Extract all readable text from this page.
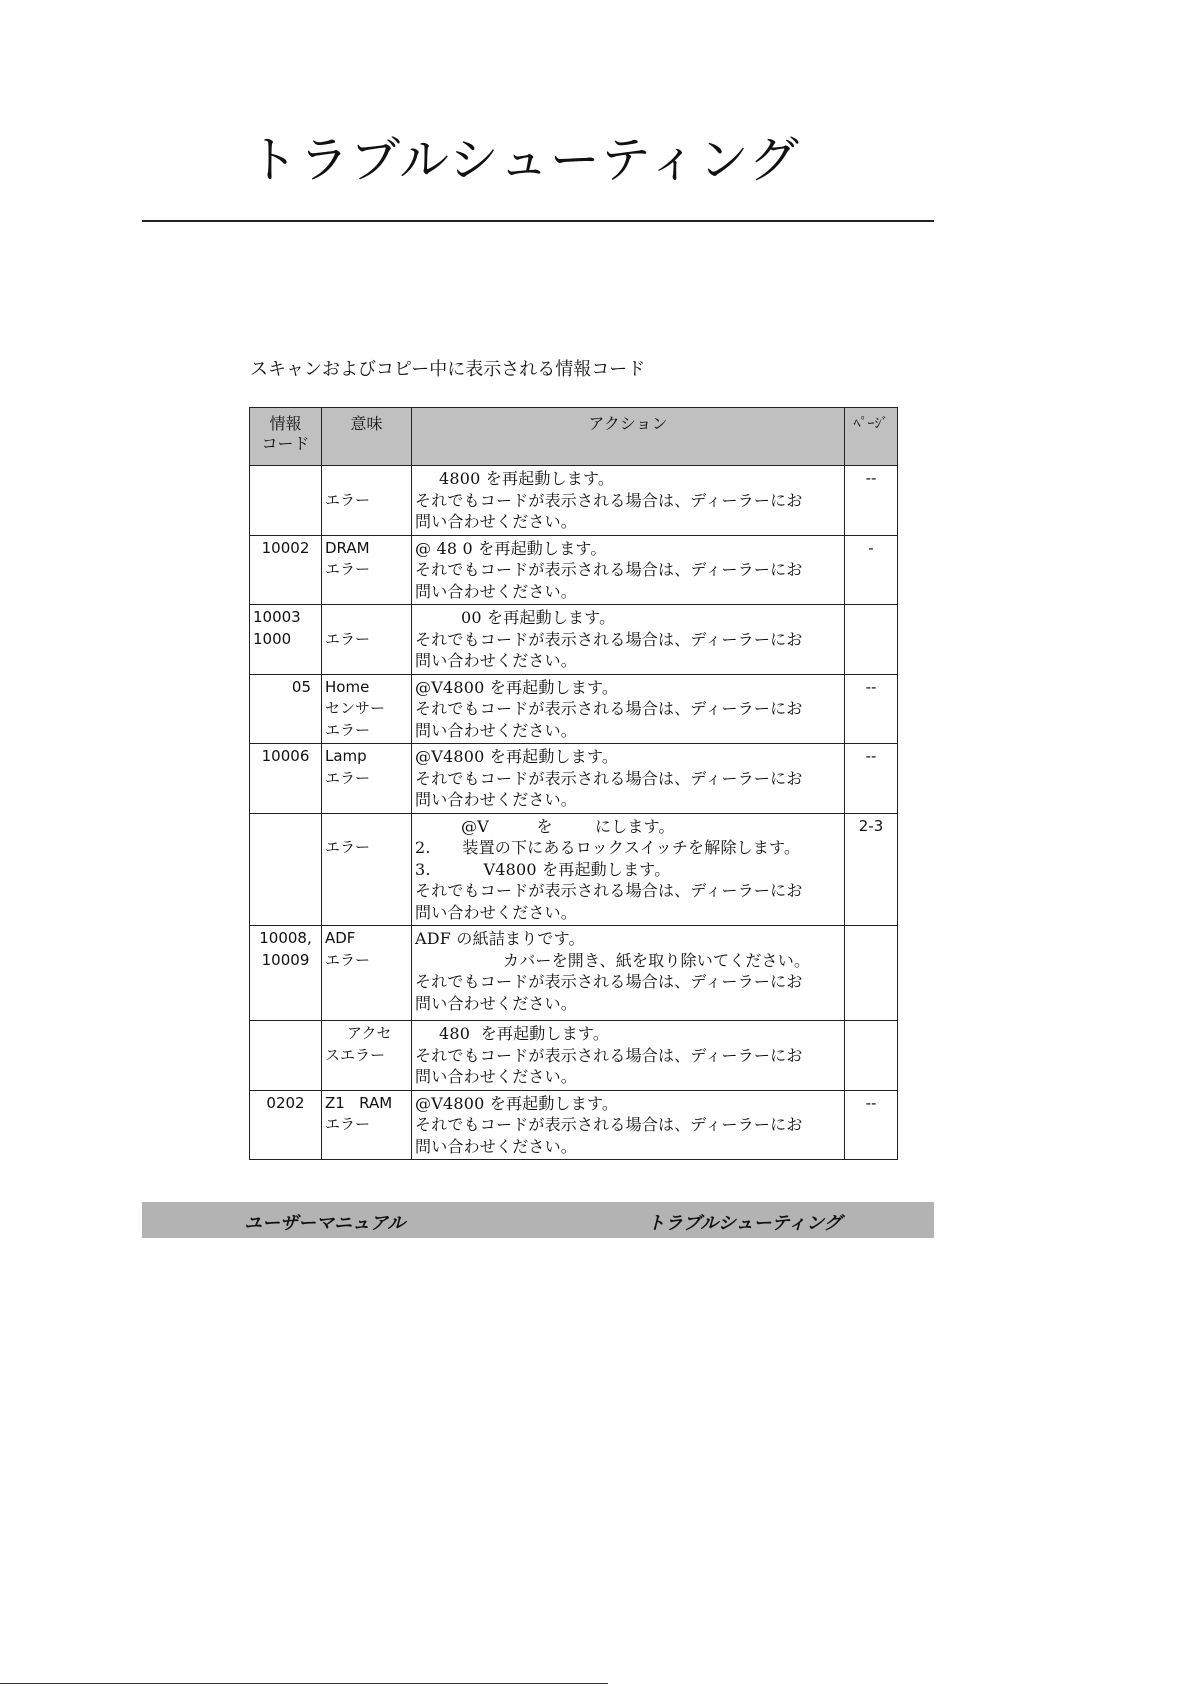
トラブルシューティング
スキャンおよびコピー中に表示される情報コード
情報
コード	意味	アクション	ﾍﾟｰｼﾞ

	エラー	4800 を再起動します。
それでもコードが表示される場合は、ディーラーにお
問い合わせください。	--

10002	DRAM
エラー	@ 48 0 を再起動します。
それでもコードが表示される場合は、ディーラーにお
問い合わせください。	-

10003
1000	エラー	00 を再起動します。
それでもコードが表示される場合は、ディーラーにお
問い合わせください。	

05	Home
センサー
エラー	@V4800 を再起動します。
それでもコードが表示される場合は、ディーラーにお
問い合わせください。	--

10006	Lamp
エラー	@V4800 を再起動します。
それでもコードが表示される場合は、ディーラーにお
問い合わせください。	--

	エラー	@V         を        にします。
2.      装置の下にあるロックスイッチを解除します。
3.          V4800 を再起動します。
それでもコードが表示される場合は、ディーラーにお
問い合わせください。	2-3

10008,
10009	ADF
エラー	ADF の紙詰まりです。
カバーを開き、紙を取り除いてください。
それでもコードが表示される場合は、ディーラーにお
問い合わせください。	

	アクセ
スエラー	480  を再起動します。
それでもコードが表示される場合は、ディーラーにお
問い合わせください。	

0202	Z1   RAM
エラー	@V4800 を再起動します。
それでもコードが表示される場合は、ディーラーにお
問い合わせください。	--
ユーザーマニュアル	トラブルシューティング
